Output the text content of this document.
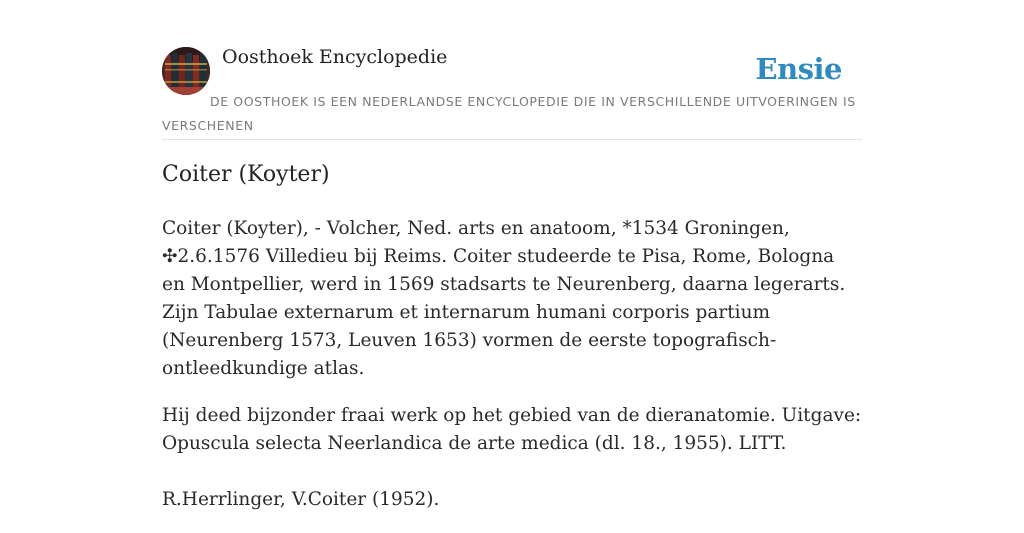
Oosthoek Encyclopedie	Ensie
DE OOSTHOEK IS EEN NEDERLANDSE ENCYCLOPEDIE DIE IN VERSCHILLENDE UITVOERINGEN IS VERSCHENEN
Coiter (Koyter)

Coiter (Koyter), - Volcher, Ned. arts en anatoom, *1534 Groningen, ✣2.6.1576 Villedieu bij Reims. Coiter studeerde te Pisa, Rome, Bologna en Montpellier, werd in 1569 stadsarts te Neurenberg, daarna legerarts. Zijn Tabulae externarum et internarum humani corporis partium (Neurenberg 1573, Leuven 1653) vormen de eerste topografisch-ontleedkundige atlas.

Hij deed bijzonder fraai werk op het gebied van de dieranatomie. Uitgave: Opuscula selecta Neerlandica de arte medica (dl. 18., 1955). LITT.

R.Herrlinger, V.Coiter (1952).
